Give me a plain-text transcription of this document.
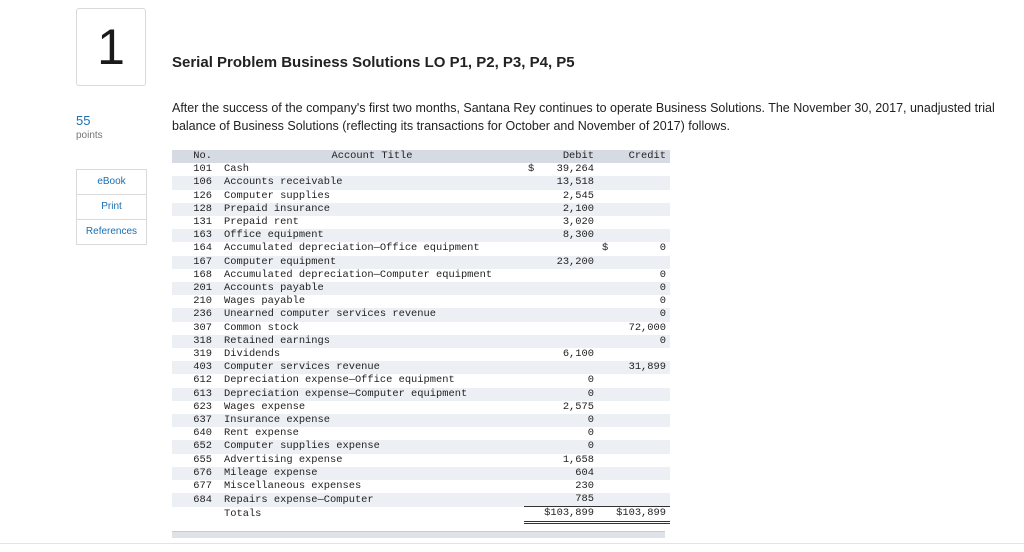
1
55
points
eBook
Print
References
Serial Problem Business Solutions LO P1, P2, P3, P4, P5
After the success of the company's first two months, Santana Rey continues to operate Business Solutions. The November 30, 2017, unadjusted trial balance of Business Solutions (reflecting its transactions for October and November of 2017) follows.
No.	Account Title	Debit	Credit
101	Cash	$ 39,264	

106	Accounts receivable	13,518	

126	Computer supplies	2,545	

128	Prepaid insurance	2,100	

131	Prepaid rent	3,020	

163	Office equipment	8,300	

164	Accumulated depreciation—Office equipment		$ 0

167	Computer equipment	23,200	

168	Accumulated depreciation—Computer equipment		0

201	Accounts payable		0

210	Wages payable		0

236	Unearned computer services revenue		0

307	Common stock		72,000

318	Retained earnings		0

319	Dividends	6,100	

403	Computer services revenue		31,899

612	Depreciation expense—Office equipment	0	

613	Depreciation expense—Computer equipment	0	

623	Wages expense	2,575	

637	Insurance expense	0	

640	Rent expense	0	

652	Computer supplies expense	0	

655	Advertising expense	1,658	

676	Mileage expense	604	

677	Miscellaneous expenses	230	

684	Repairs expense—Computer	785	

	Totals	$103,899	$103,899
